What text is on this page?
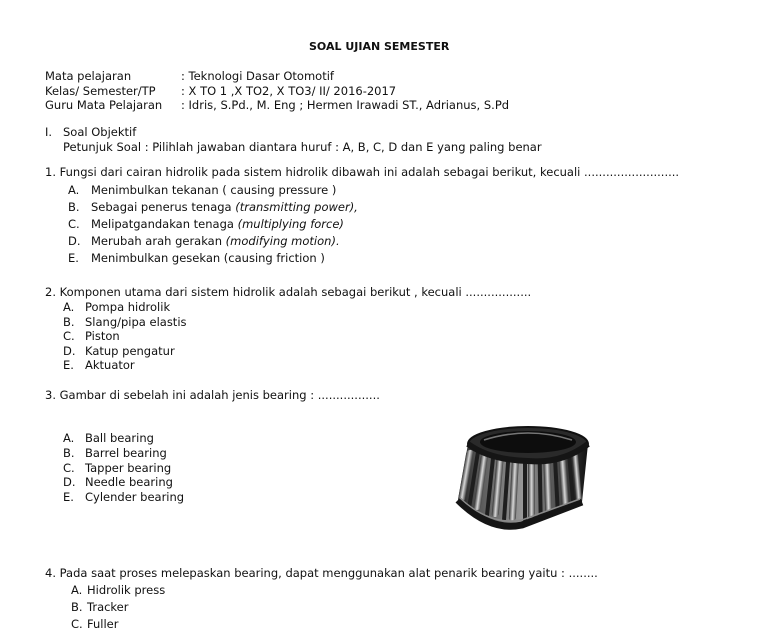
SOAL UJIAN SEMESTER
Mata pelajaran	: Teknologi Dasar Otomotif
Kelas/ Semester/TP : X TO 1 ,X TO2, X TO3/ II/ 2016-2017
Guru Mata Pelajaran : Idris, S.Pd., M. Eng ; Hermen Irawadi ST., Adrianus, S.Pd
I. Soal Objektif
Petunjuk Soal : Pilihlah jawaban diantara huruf : A, B, C, D dan E yang paling benar
1. Fungsi dari cairan hidrolik pada sistem hidrolik dibawah ini adalah sebagai berikut, kecuali ..........................
A. Menimbulkan tekanan ( causing pressure )
B. Sebagai penerus tenaga (transmitting power),
C. Melipatgandakan tenaga (multiplying force)
D. Merubah arah gerakan (modifying motion).
E. Menimbulkan gesekan (causing friction )
2. Komponen utama dari sistem hidrolik adalah sebagai berikut , kecuali ..................
A. Pompa hidrolik
B. Slang/pipa elastis
C. Piston
D. Katup pengatur
E. Aktuator
3. Gambar di sebelah ini adalah jenis bearing : .................
A. Ball bearing
B. Barrel bearing
C. Tapper bearing
D. Needle bearing
E. Cylender bearing
4. Pada saat proses melepaskan bearing, dapat menggunakan alat penarik bearing yaitu : ........
A. Hidrolik press
B. Tracker
C. Fuller
